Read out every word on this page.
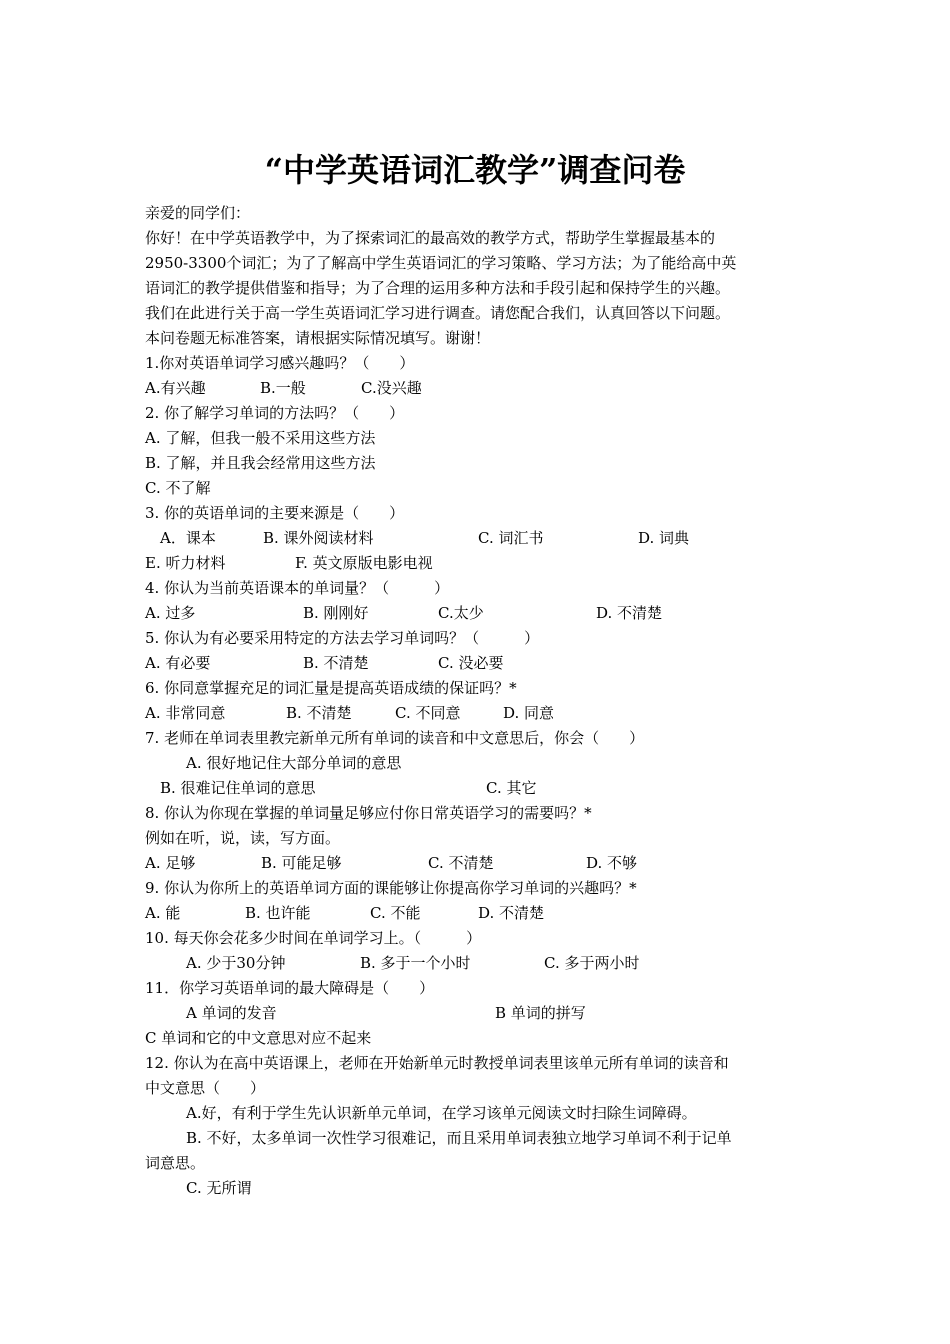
“中学英语词汇教学”调查问卷
亲爱的同学们：
你好！在中学英语教学中，为了探索词汇的最高效的教学方式，帮助学生掌握最基本的
2950-3300个词汇；为了了解高中学生英语词汇的学习策略、学习方法；为了能给高中英
语词汇的教学提供借鉴和指导；为了合理的运用多种方法和手段引起和保持学生的兴趣。
我们在此进行关于高一学生英语词汇学习进行调查。请您配合我们，认真回答以下问题。
本问卷题无标准答案，请根据实际情况填写。谢谢！
1.你对英语单词学习感兴趣吗？（　　）
A.有兴趣	B.一般	C.没兴趣
2. 你了解学习单词的方法吗？（　　）
A. 了解，但我一般不采用这些方法
B. 了解，并且我会经常用这些方法
C. 不了解
3. 你的英语单词的主要来源是（　　）
A．课本	B. 课外阅读材料	C. 词汇书	D. 词典
E. 听力材料	F. 英文原版电影电视
4. 你认为当前英语课本的单词量？（　　　）
A. 过多	B. 刚刚好	C.太少	D. 不清楚
5. 你认为有必要采用特定的方法去学习单词吗？（　　　）
A. 有必要	B. 不清楚	C. 没必要
6. 你同意掌握充足的词汇量是提高英语成绩的保证吗？*
A. 非常同意	B. 不清楚	C. 不同意	D. 同意
7. 老师在单词表里教完新单元所有单词的读音和中文意思后，你会（　　）
A. 很好地记住大部分单词的意思
B. 很难记住单词的意思	C. 其它
8. 你认为你现在掌握的单词量足够应付你日常英语学习的需要吗？*
例如在听，说，读，写方面。
A. 足够	B. 可能足够	C. 不清楚	D. 不够
9. 你认为你所上的英语单词方面的课能够让你提高你学习单词的兴趣吗？*
A. 能	B. 也许能	C. 不能	D. 不清楚
10. 每天你会花多少时间在单词学习上。（　　　）
A. 少于30分钟	B. 多于一个小时	C. 多于两小时
11．你学习英语单词的最大障碍是（　　）
A 单词的发音	B 单词的拼写
C 单词和它的中文意思对应不起来
12. 你认为在高中英语课上，老师在开始新单元时教授单词表里该单元所有单词的读音和
中文意思（　　）
A.好，有利于学生先认识新单元单词，在学习该单元阅读文时扫除生词障碍。
B. 不好，太多单词一次性学习很难记，而且采用单词表独立地学习单词不利于记单
词意思。
C. 无所谓
